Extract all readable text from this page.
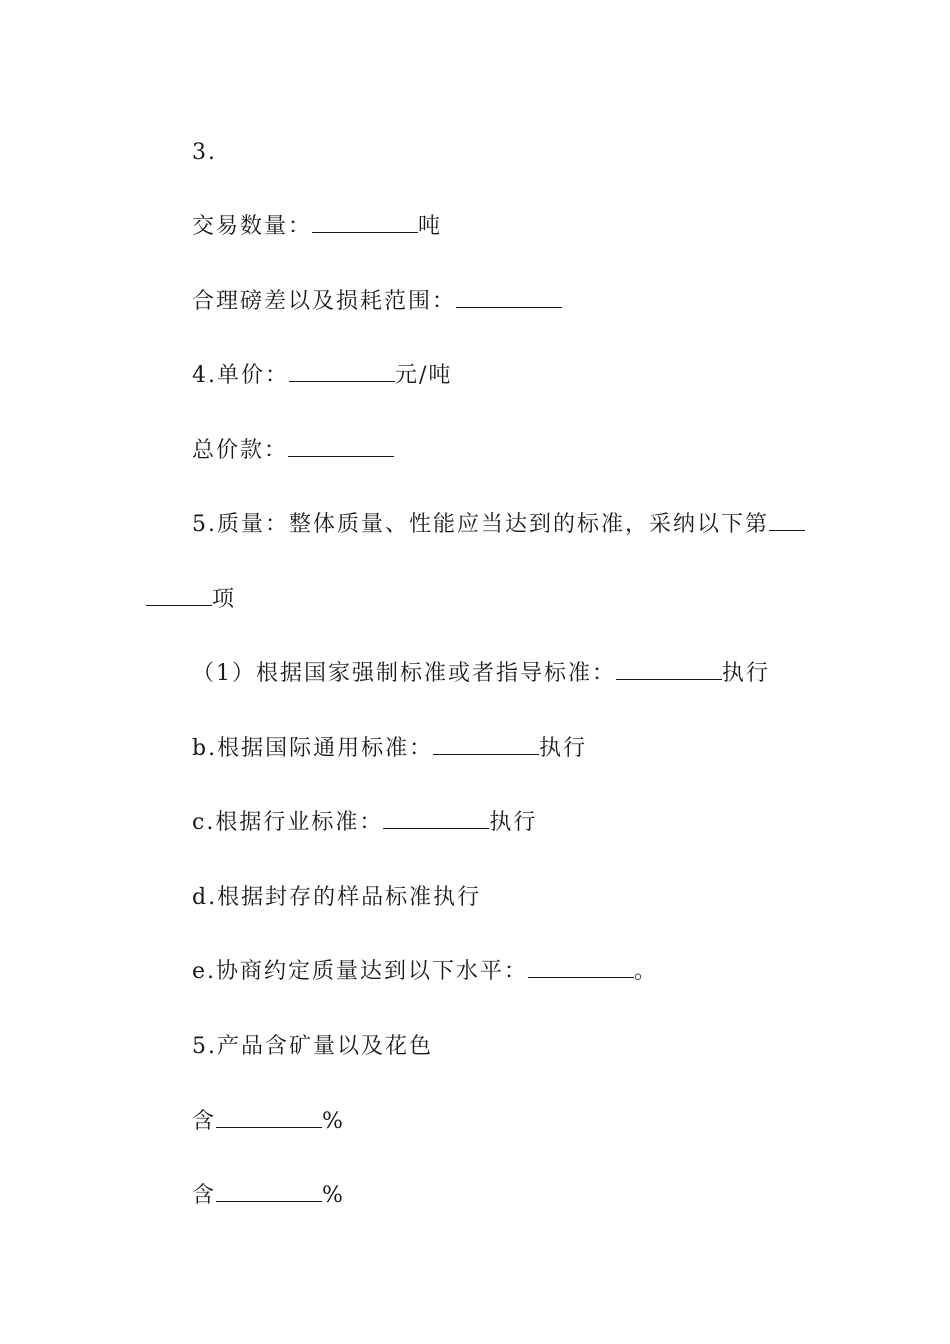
3.
交易数量：	吨
合理磅差以及损耗范围：
4.单价：	元/吨
总价款：
5.质量：整体质量、性能应当达到的标准，采纳以下第
项
（1）根据国家强制标准或者指导标准：	执行
b.根据国际通用标准：	执行
c.根据行业标准：	执行
d.根据封存的样品标准执行
e.协商约定质量达到以下水平：	。
5.产品含矿量以及花色
含	%
含	%
